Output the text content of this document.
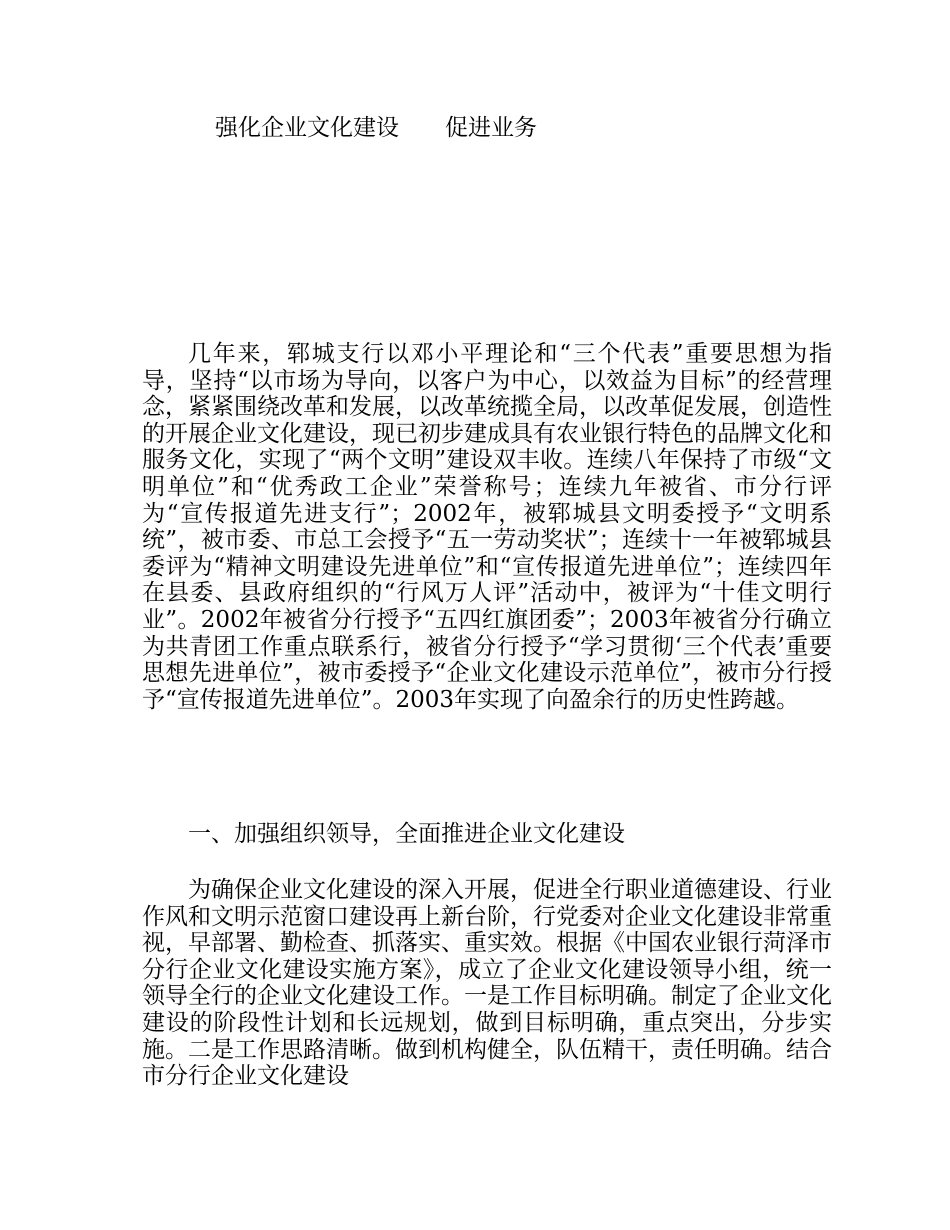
强化企业文化建设　　促进业务

几年来，郓城支行以邓小平理论和“三个代表”重要思想为指导，坚持“以市场为导向，以客户为中心，以效益为目标”的经营理念，紧紧围绕改革和发展，以改革统揽全局，以改革促发展，创造性的开展企业文化建设，现已初步建成具有农业银行特色的品牌文化和服务文化，实现了“两个文明”建设双丰收。连续八年保持了市级“文明单位”和“优秀政工企业”荣誉称号；连续九年被省、市分行评为“宣传报道先进支行”；2002年，被郓城县文明委授予“文明系统”，被市委、市总工会授予“五一劳动奖状”；连续十一年被郓城县委评为“精神文明建设先进单位”和“宣传报道先进单位”；连续四年在县委、县政府组织的“行风万人评”活动中，被评为“十佳文明行业”。2002年被省分行授予“五四红旗团委”；2003年被省分行确立为共青团工作重点联系行，被省分行授予“学习贯彻‘三个代表’重要思想先进单位”，被市委授予“企业文化建设示范单位”，被市分行授予“宣传报道先进单位”。2003年实现了向盈余行的历史性跨越。

一、加强组织领导，全面推进企业文化建设

为确保企业文化建设的深入开展，促进全行职业道德建设、行业作风和文明示范窗口建设再上新台阶，行党委对企业文化建设非常重视，早部署、勤检查、抓落实、重实效。根据《中国农业银行菏泽市分行企业文化建设实施方案》，成立了企业文化建设领导小组，统一领导全行的企业文化建设工作。一是工作目标明确。制定了企业文化建设的阶段性计划和长远规划，做到目标明确，重点突出，分步实施。二是工作思路清晰。做到机构健全，队伍精干，责任明确。结合市分行企业文化建设
